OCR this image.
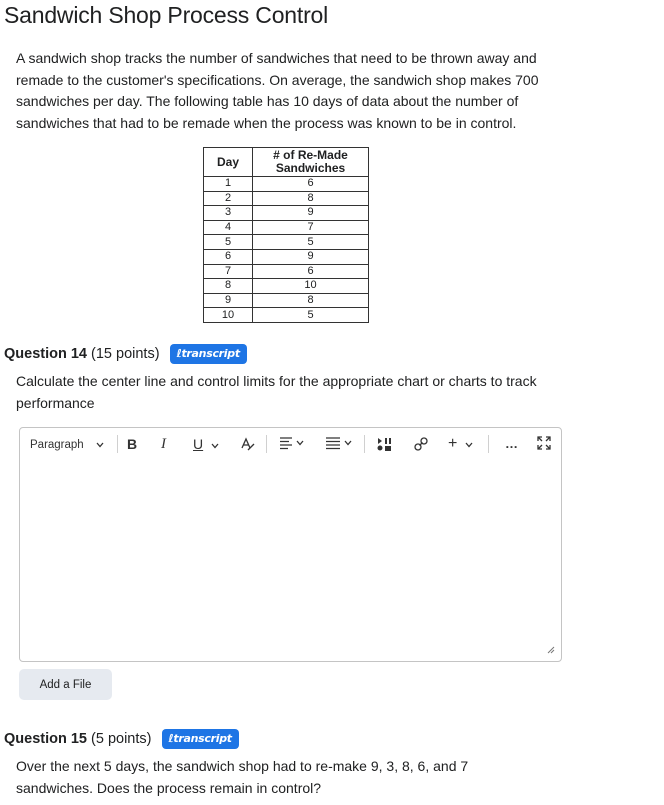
Sandwich Shop Process Control

A sandwich shop tracks the number of sandwiches that need to be thrown away and remade to the customer's specifications. On average, the sandwich shop makes 700 sandwiches per day. The following table has 10 days of data about the number of sandwiches that had to be remade when the process was known to be in control.

Day	# of Re-Made Sandwiches
1	6
2	8
3	9
4	7
5	5
6	9
7	6
8	10
9	8
10	5
Question 14 (15 points) ℓtranscript

Calculate the center line and control limits for the appropriate chart or charts to track performance

Paragraph	B I U	+	…
Add a File
Question 15 (5 points) ℓtranscript

Over the next 5 days, the sandwich shop had to re-make 9, 3, 8, 6, and 7 sandwiches. Does the process remain in control?
